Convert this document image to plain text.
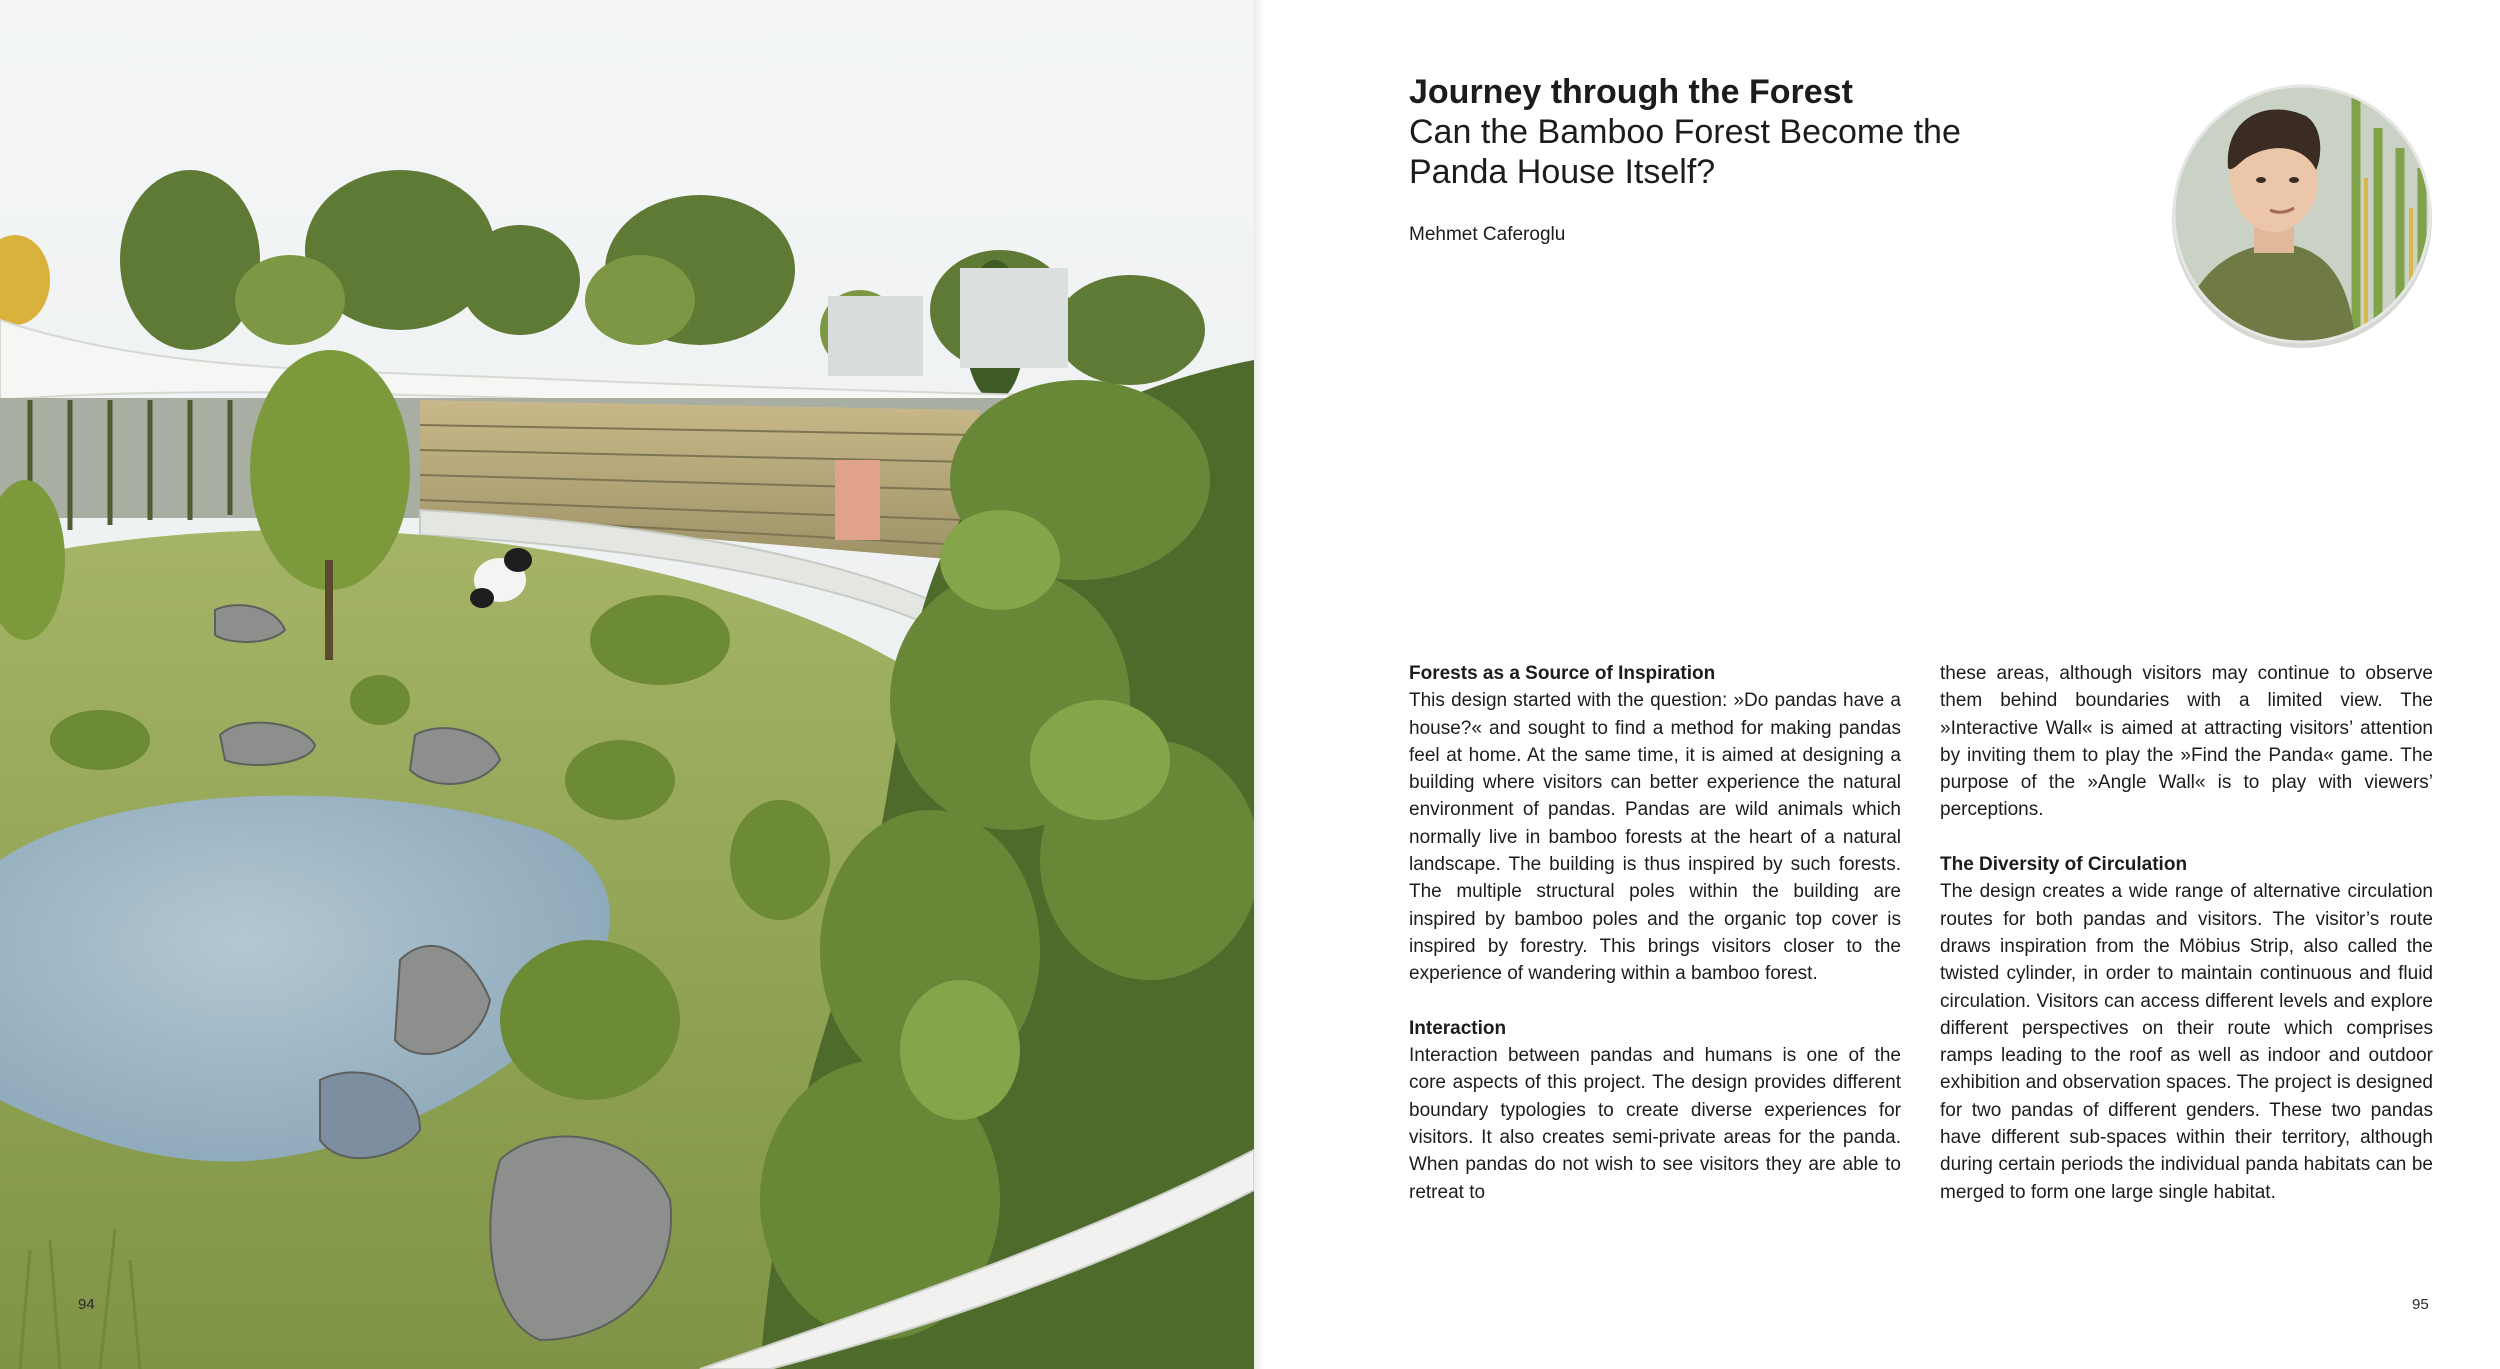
94

Journey through the Forest

Can the Bamboo Forest Become the

Panda House Itself?

Mehmet Caferoglu

Forests as a Source of Inspiration

This design started with the question: »Do pandas have a house?« and sought to find a method for making pandas feel at home. At the same time, it is aimed at designing a building where visitors can better experience the natural environment of pandas. Pandas are wild animals which normally live in bamboo forests at the heart of a natural landscape. The building is thus inspired by such forests. The multiple structural poles within the building are inspired by bamboo poles and the organic top cover is inspired by forestry. This brings visitors closer to the experience of wandering within a bamboo forest.

Interaction

Interaction between pandas and humans is one of the core aspects of this project. The design provides different boundary typologies to create diverse experiences for visitors. It also creates semi-private areas for the panda. When pandas do not wish to see visitors they are able to retreat to

these areas, although visitors may continue to observe them behind boundaries with a limited view. The »Interactive Wall« is aimed at attracting visitors’ attention by inviting them to play the »Find the Panda« game. The purpose of the »Angle Wall« is to play with viewers’ perceptions.

The Diversity of Circulation

The design creates a wide range of alternative circulation routes for both pandas and visitors. The visitor’s route draws inspiration from the Möbius Strip, also called the twisted cylinder, in order to maintain continuous and fluid circulation. Visitors can access different levels and explore different perspectives on their route which comprises ramps leading to the roof as well as indoor and outdoor exhibition and observation spaces. The project is designed for two pandas of different genders. These two pandas have different sub-spaces within their territory, although during certain periods the individual panda habitats can be merged to form one large single habitat.

95
